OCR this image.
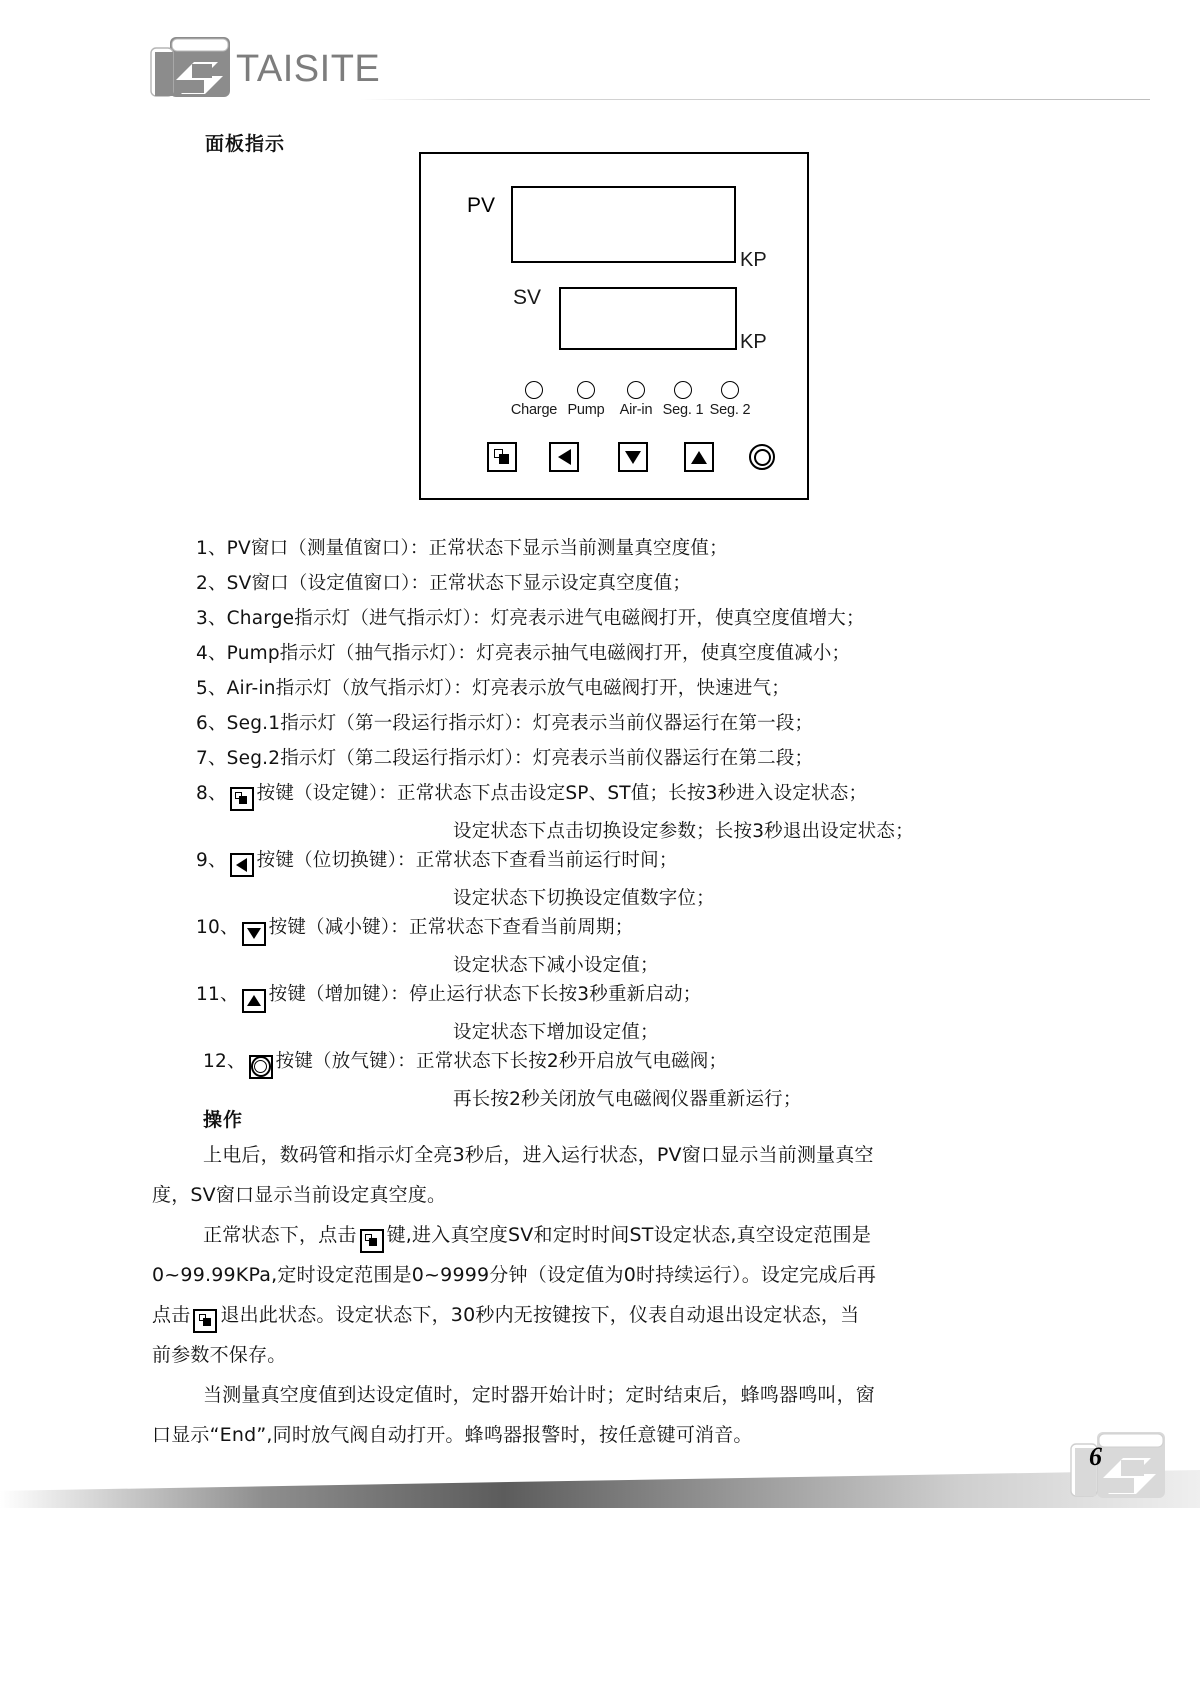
TAISITE
面板指示
PV
KP
SV
KP
Charge Pump	Air-in Seg. 1 Seg. 2
1、PV窗口（测量值窗口）：正常状态下显示当前测量真空度值；
2、SV窗口（设定值窗口）：正常状态下显示设定真空度值；
3、Charge指示灯（进气指示灯）：灯亮表示进气电磁阀打开，使真空度值增大；
4、Pump指示灯（抽气指示灯）：灯亮表示抽气电磁阀打开，使真空度值减小；
5、Air-in指示灯（放气指示灯）：灯亮表示放气电磁阀打开，快速进气；
6、Seg.1指示灯（第一段运行指示灯）：灯亮表示当前仪器运行在第一段；
7、Seg.2指示灯（第二段运行指示灯）：灯亮表示当前仪器运行在第二段；
8、 按键（设定键）：正常状态下点击设定SP、ST值；长按3秒进入设定状态；
设定状态下点击切换设定参数；长按3秒退出设定状态；
9、 按键（位切换键）：正常状态下查看当前运行时间；
设定状态下切换设定值数字位；
10、 按键（减小键）：正常状态下查看当前周期；
设定状态下减小设定值；
11、 按键（增加键）：停止运行状态下长按3秒重新启动；
设定状态下增加设定值；
12、 按键（放气键）：正常状态下长按2秒开启放气电磁阀；
再长按2秒关闭放气电磁阀仪器重新运行；
操作
上电后，数码管和指示灯全亮3秒后，进入运行状态，PV窗口显示当前测量真空
度，SV窗口显示当前设定真空度。
正常状态下，点击 键,进入真空度SV和定时时间ST设定状态,真空设定范围是
0~99.99KPa,定时设定范围是0~9999分钟（设定值为0时持续运行）。设定完成后再
点击 退出此状态。设定状态下，30秒内无按键按下，仪表自动退出设定状态，当
前参数不保存。
当测量真空度值到达设定值时，定时器开始计时；定时结束后，蜂鸣器鸣叫，窗
口显示“End”,同时放气阀自动打开。蜂鸣器报警时，按任意键可消音。
6
